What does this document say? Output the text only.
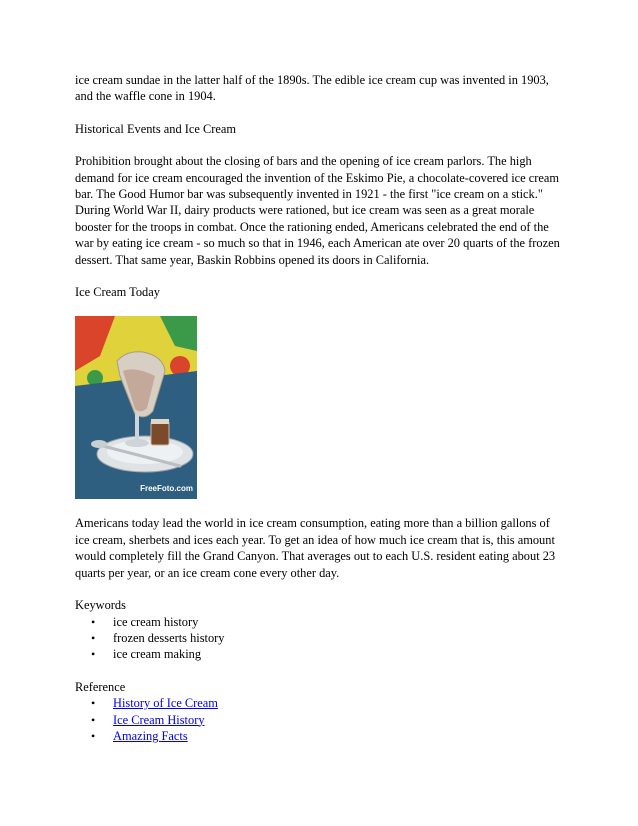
ice cream sundae in the latter half of the 1890s. The edible ice cream cup was invented in 1903, and the waffle cone in 1904.

Historical Events and Ice Cream

Prohibition brought about the closing of bars and the opening of ice cream parlors. The high demand for ice cream encouraged the invention of the Eskimo Pie, a chocolate-covered ice cream bar. The Good Humor bar was subsequently invented in 1921 - the first "ice cream on a stick." During World War II, dairy products were rationed, but ice cream was seen as a great morale booster for the troops in combat. Once the rationing ended, Americans celebrated the end of the war by eating ice cream - so much so that in 1946, each American ate over 20 quarts of the frozen dessert. That same year, Baskin Robbins opened its doors in California.

Ice Cream Today

FreeFoto.com

Americans today lead the world in ice cream consumption, eating more than a billion gallons of ice cream, sherbets and ices each year. To get an idea of how much ice cream that is, this amount would completely fill the Grand Canyon. That averages out to each U.S. resident eating about 23 quarts per year, or an ice cream cone every other day.

Keywords

• ice cream history
• frozen desserts history
• ice cream making

Reference

• History of Ice Cream
• Ice Cream History
• Amazing Facts
